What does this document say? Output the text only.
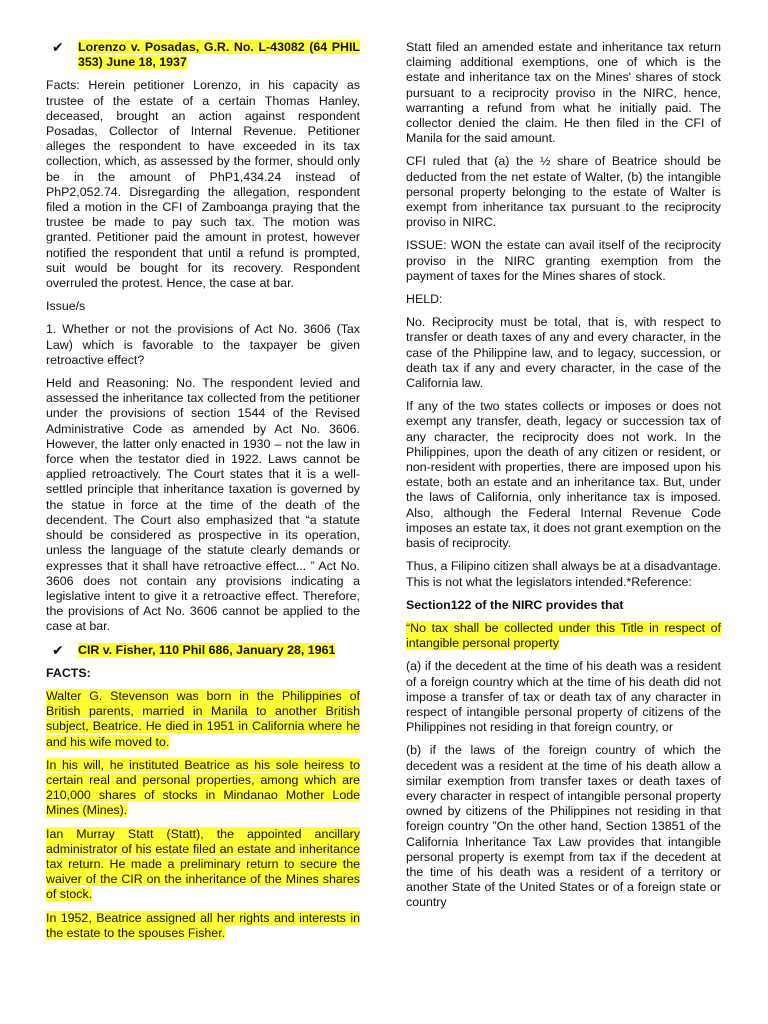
✔	Lorenzo v. Posadas, G.R. No. L-43082 (64 PHIL 353) June 18, 1937

Facts: Herein petitioner Lorenzo, in his capacity as trustee of the estate of a certain Thomas Hanley, deceased, brought an action against respondent Posadas, Collector of Internal Revenue. Petitioner alleges the respondent to have exceeded in its tax collection, which, as assessed by the former, should only be in the amount of PhP1,434.24 instead of PhP2,052.74. Disregarding the allegation, respondent filed a motion in the CFI of Zamboanga praying that the trustee be made to pay such tax. The motion was granted. Petitioner paid the amount in protest, however notified the respondent that until a refund is prompted, suit would be bought for its recovery. Respondent overruled the protest. Hence, the case at bar.

Issue/s

1. Whether or not the provisions of Act No. 3606 (Tax Law) which is favorable to the taxpayer be given retroactive effect?

Held and Reasoning: No. The respondent levied and assessed the inheritance tax collected from the petitioner under the provisions of section 1544 of the Revised Administrative Code as amended by Act No. 3606. However, the latter only enacted in 1930 – not the law in force when the testator died in 1922. Laws cannot be applied retroactively. The Court states that it is a well-settled principle that inheritance taxation is governed by the statue in force at the time of the death of the decendent. The Court also emphasized that “a statute should be considered as prospective in its operation, unless the language of the statute clearly demands or expresses that it shall have retroactive effect... ” Act No. 3606 does not contain any provisions indicating a legislative intent to give it a retroactive effect. Therefore, the provisions of Act No. 3606 cannot be applied to the case at bar.

✔	CIR v. Fisher, 110 Phil 686, January 28, 1961
FACTS:

Walter G. Stevenson was born in the Philippines of British parents, married in Manila to another British subject, Beatrice. He died in 1951 in California where he and his wife moved to.

In his will, he instituted Beatrice as his sole heiress to certain real and personal properties, among which are 210,000 shares of stocks in Mindanao Mother Lode Mines (Mines).

Ian Murray Statt (Statt), the appointed ancillary administrator of his estate filed an estate and inheritance tax return. He made a preliminary return to secure the waiver of the CIR on the inheritance of the Mines shares of stock.

In 1952, Beatrice assigned all her rights and interests in the estate to the spouses Fisher.

Statt filed an amended estate and inheritance tax return claiming additional exemptions, one of which is the estate and inheritance tax on the Mines' shares of stock pursuant to a reciprocity proviso in the NIRC, hence, warranting a refund from what he initially paid. The collector denied the claim. He then filed in the CFI of Manila for the said amount.

CFI ruled that (a) the ½ share of Beatrice should be deducted from the net estate of Walter, (b) the intangible personal property belonging to the estate of Walter is exempt from inheritance tax pursuant to the reciprocity proviso in NIRC.

ISSUE: WON the estate can avail itself of the reciprocity proviso in the NIRC granting exemption from the payment of taxes for the Mines shares of stock.

HELD:

No. Reciprocity must be total, that is, with respect to transfer or death taxes of any and every character, in the case of the Philippine law, and to legacy, succession, or death tax if any and every character, in the case of the California law.

If any of the two states collects or imposes or does not exempt any transfer, death, legacy or succession tax of any character, the reciprocity does not work. In the Philippines, upon the death of any citizen or resident, or non-resident with properties, there are imposed upon his estate, both an estate and an inheritance tax. But, under the laws of California, only inheritance tax is imposed. Also, although the Federal Internal Revenue Code imposes an estate tax, it does not grant exemption on the basis of reciprocity.

Thus, a Filipino citizen shall always be at a disadvantage. This is not what the legislators intended.*Reference:

Section122 of the NIRC provides that

“No tax shall be collected under this Title in respect of intangible personal property

(a) if the decedent at the time of his death was a resident of a foreign country which at the time of his death did not impose a transfer of tax or death tax of any character in respect of intangible personal property of citizens of the Philippines not residing in that foreign country, or

(b) if the laws of the foreign country of which the decedent was a resident at the time of his death allow a similar exemption from transfer taxes or death taxes of every character in respect of intangible personal property owned by citizens of the Philippines not residing in that foreign country ”On the other hand, Section 13851 of the California Inheritance Tax Law provides that intangible personal property is exempt from tax if the decedent at the time of his death was a resident of a territory or another State of the United States or of a foreign state or country
